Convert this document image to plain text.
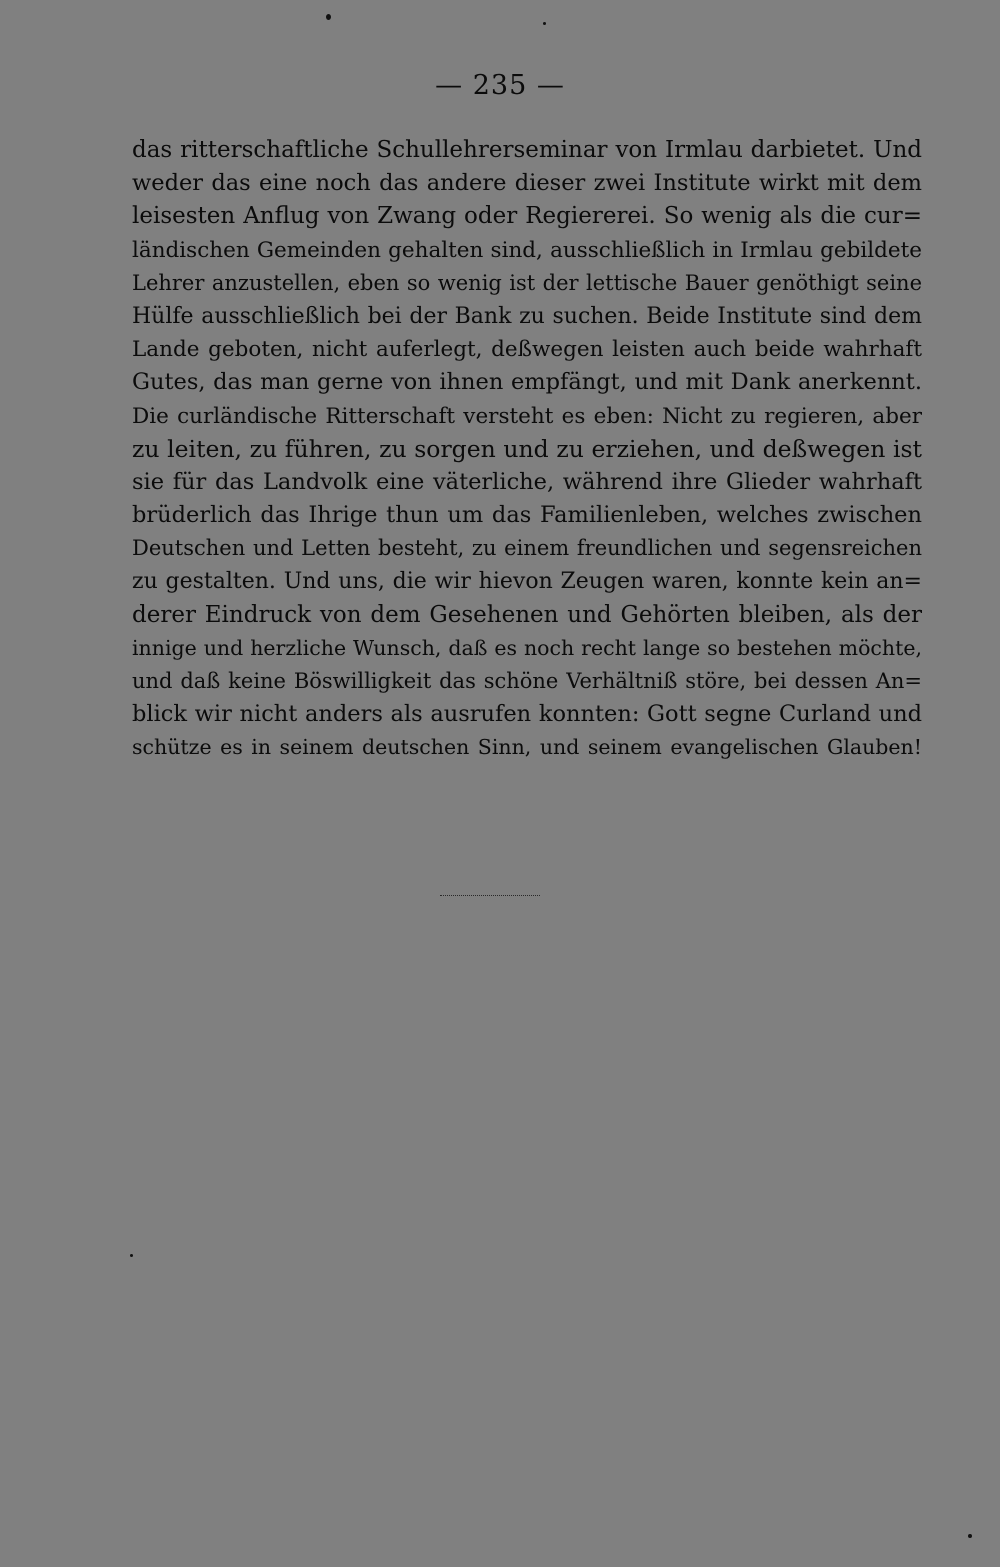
— 235 —
das ritterschaftliche Schullehrerseminar von Irmlau darbietet. Und
weder das eine noch das andere dieser zwei Institute wirkt mit dem
leisesten Anflug von Zwang oder Regiererei. So wenig als die cur=
ländischen Gemeinden gehalten sind, ausschließlich in Irmlau gebildete
Lehrer anzustellen, eben so wenig ist der lettische Bauer genöthigt seine
Hülfe ausschließlich bei der Bank zu suchen. Beide Institute sind dem
Lande geboten, nicht auferlegt, deßwegen leisten auch beide wahrhaft
Gutes, das man gerne von ihnen empfängt, und mit Dank anerkennt.
Die curländische Ritterschaft versteht es eben: Nicht zu regieren, aber
zu leiten, zu führen, zu sorgen und zu erziehen, und deßwegen ist
sie für das Landvolk eine väterliche, während ihre Glieder wahrhaft
brüderlich das Ihrige thun um das Familienleben, welches zwischen
Deutschen und Letten besteht, zu einem freundlichen und segensreichen
zu gestalten. Und uns, die wir hievon Zeugen waren, konnte kein an=
derer Eindruck von dem Gesehenen und Gehörten bleiben, als der
innige und herzliche Wunsch, daß es noch recht lange so bestehen möchte,
und daß keine Böswilligkeit das schöne Verhältniß störe, bei dessen An=
blick wir nicht anders als ausrufen konnten: Gott segne Curland und
schütze es in seinem deutschen Sinn, und seinem evangelischen Glauben!
